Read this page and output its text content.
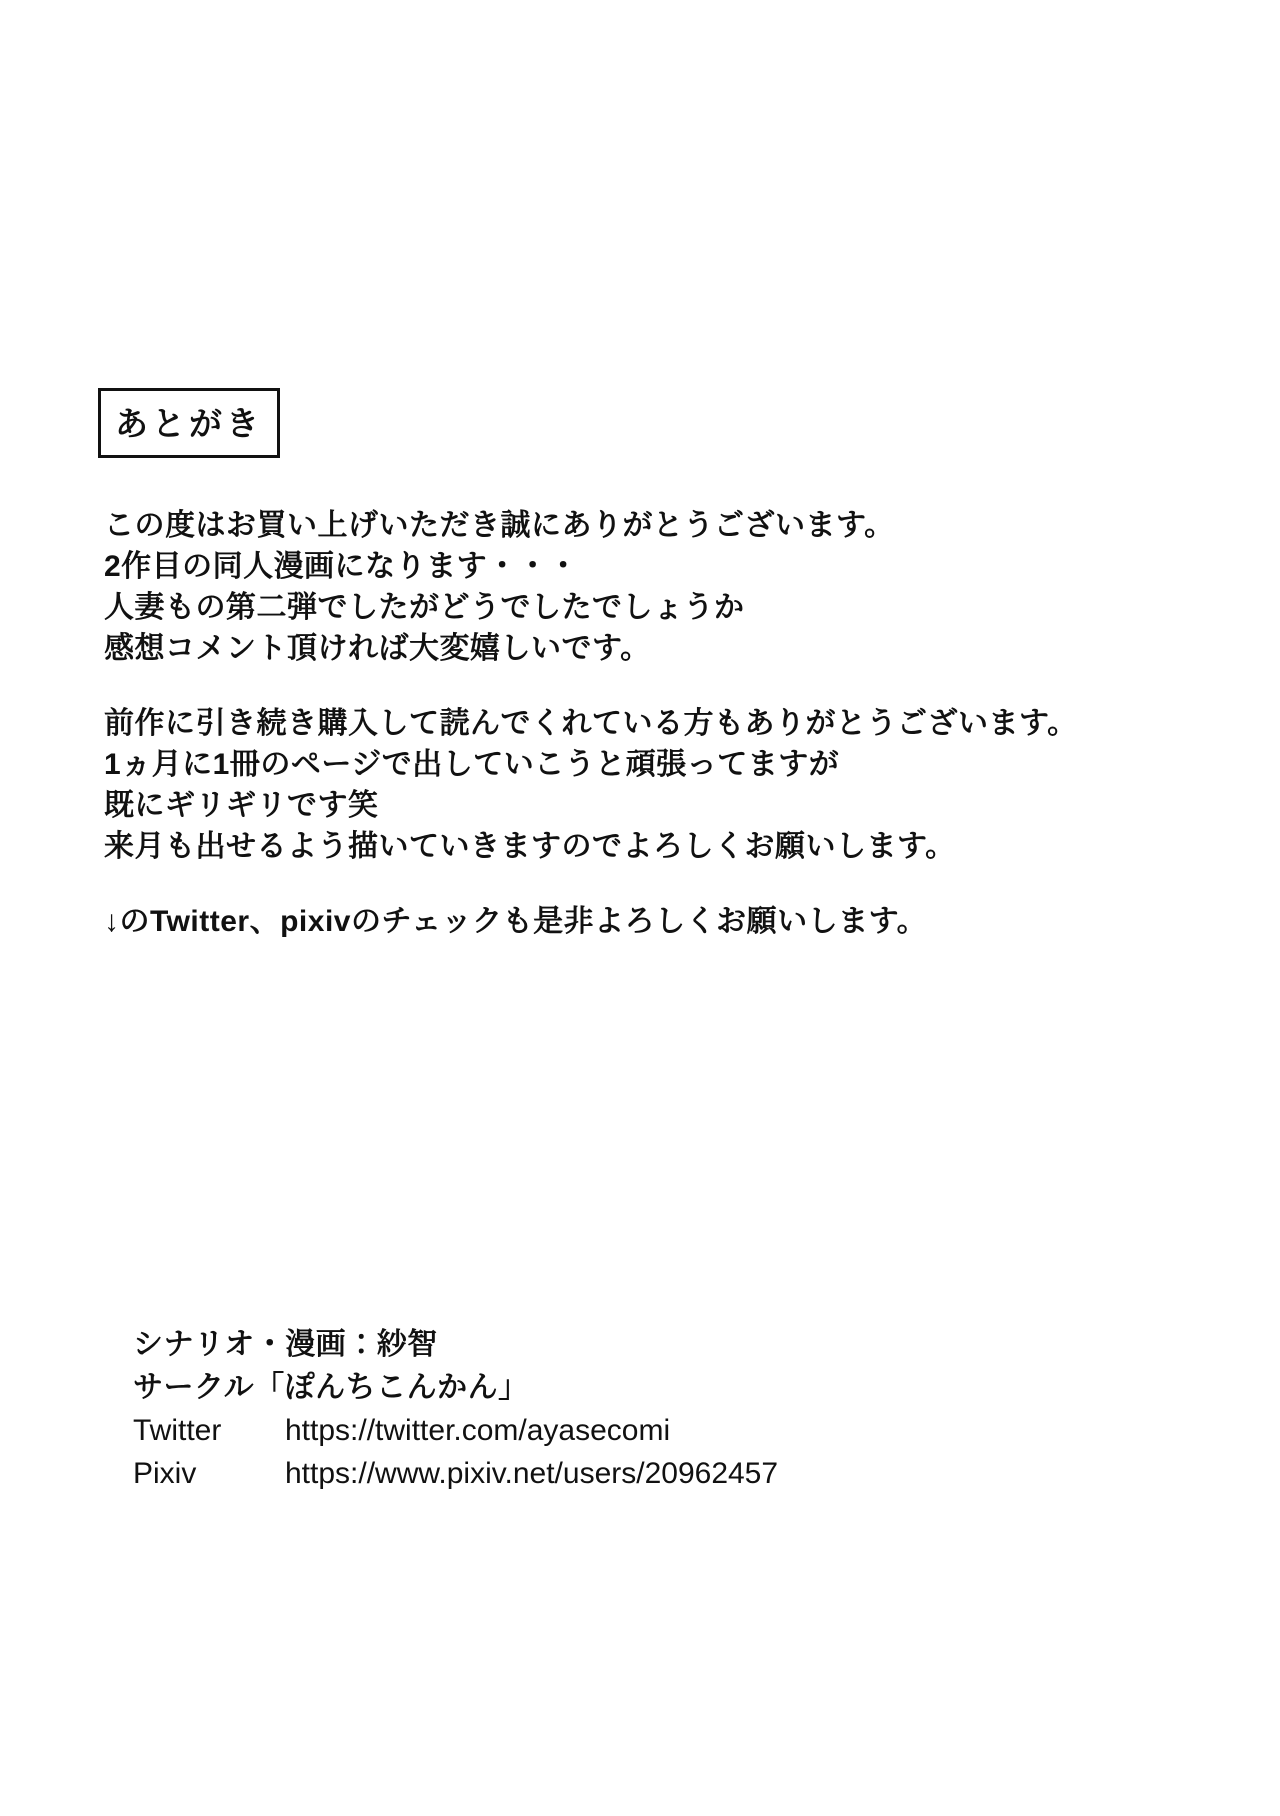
あとがき
この度はお買い上げいただき誠にありがとうございます。
2作目の同人漫画になります・・・
人妻もの第二弾でしたがどうでしたでしょうか
感想コメント頂ければ大変嬉しいです。
前作に引き続き購入して読んでくれている方もありがとうございます。
1ヵ月に1冊のページで出していこうと頑張ってますが
既にギリギリです笑
来月も出せるよう描いていきますのでよろしくお願いします。
↓のTwitter、pixivのチェックも是非よろしくお願いします。
シナリオ・漫画：紗智
サークル「ぽんちこんかん」
Twitter https://twitter.com/ayasecomi
Pixiv	https://www.pixiv.net/users/20962457
